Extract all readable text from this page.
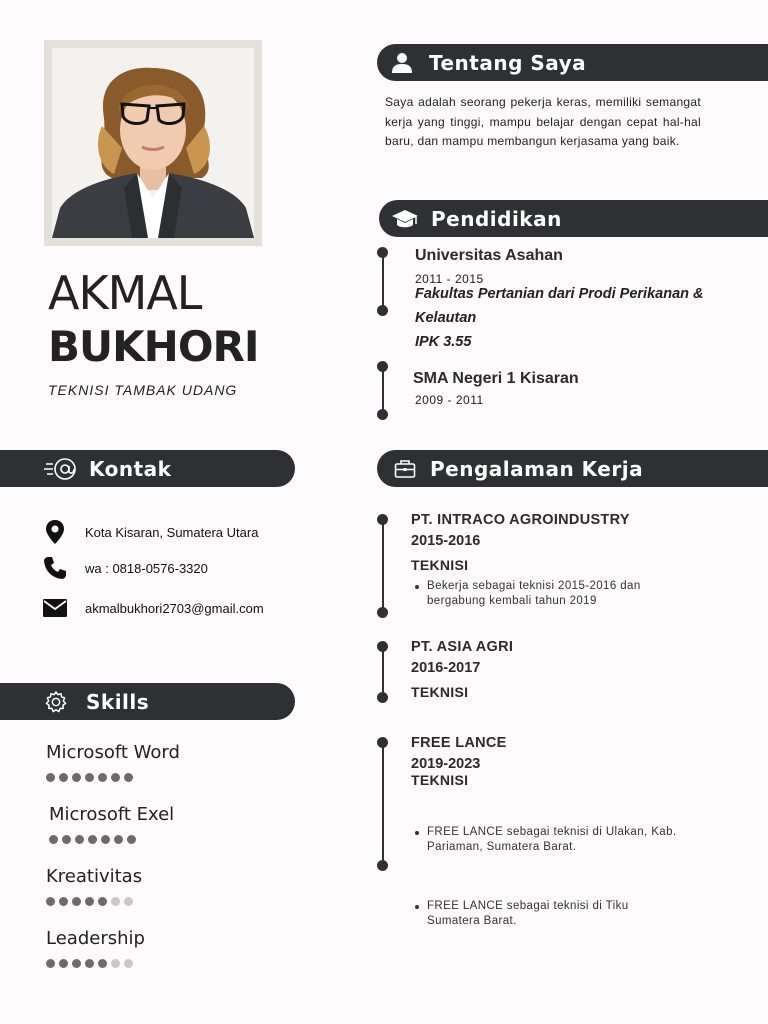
AKMAL
BUKHORI
TEKNISI TAMBAK UDANG
Kontak
Kota Kisaran, Sumatera Utara
wa : 0818-0576-3320
akmalbukhori2703@gmail.com
Skills
Microsoft Word
Microsoft Exel
Kreativitas
Leadership
Tentang Saya
Saya adalah seorang pekerja keras, memiliki semangat kerja yang tinggi, mampu belajar dengan cepat hal-hal baru, dan mampu membangun kerjasama yang baik.
Pendidikan
Universitas Asahan
2011 - 2015
Fakultas Pertanian dari Prodi Perikanan &
Kelautan
IPK 3.55
SMA Negeri 1 Kisaran
2009 - 2011
Pengalaman Kerja
PT. INTRACO AGROINDUSTRY
2015-2016
TEKNISI
Bekerja sebagai teknisi 2015-2016 dan bergabung kembali tahun 2019
PT. ASIA AGRI
2016-2017
TEKNISI
FREE LANCE
2019-2023
TEKNISI
FREE LANCE sebagai teknisi di Ulakan, Kab. Pariaman, Sumatera Barat.
FREE LANCE sebagai teknisi di Tiku Sumatera Barat.
